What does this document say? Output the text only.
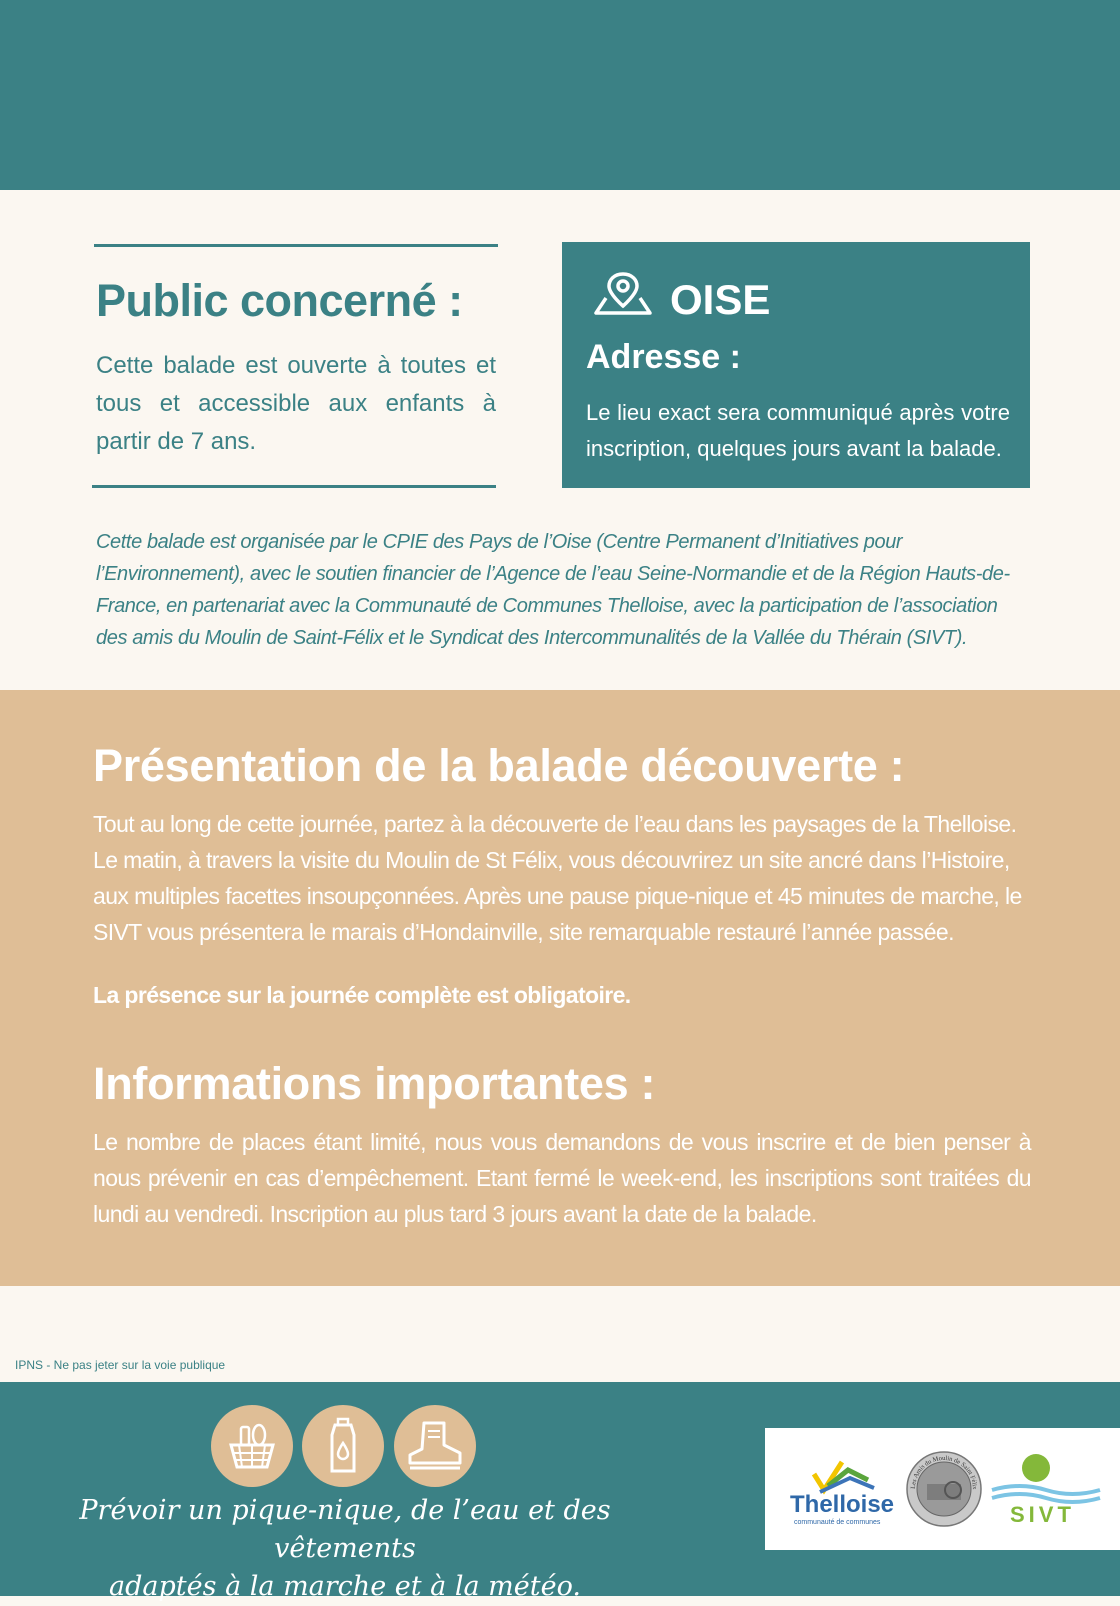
Public concerné :
Cette balade est ouverte à toutes et tous et accessible aux enfants à partir de 7 ans.
OISE
Adresse :
Le lieu exact sera communiqué après votre inscription, quelques jours avant la balade.
Cette balade est organisée par le CPIE des Pays de l’Oise (Centre Permanent d’Initiatives pour l’Environnement), avec le soutien financier de l’Agence de l’eau Seine-Normandie et de la Région Hauts-de-France, en partenariat avec la Communauté de Communes Thelloise, avec la participation de l’association des amis du Moulin de Saint-Félix et le Syndicat des Intercommunalités de la Vallée du Thérain (SIVT).
Présentation de la balade découverte :
Tout au long de cette journée, partez à la découverte de l’eau dans les paysages de la Thelloise. Le matin, à travers la visite du Moulin de St Félix, vous découvrirez un site ancré dans l’Histoire, aux multiples facettes insoupçonnées. Après une pause pique-nique et 45 minutes de marche, le SIVT vous présentera le marais d’Hondainville, site remarquable restauré l’année passée.
La présence sur la journée complète est obligatoire.
Informations importantes :
Le nombre de places étant limité, nous vous demandons de vous inscrire et de bien penser à nous prévenir en cas d’empêchement. Etant fermé le week-end, les inscriptions sont traitées du lundi au vendredi. Inscription au plus tard 3 jours avant la date de la balade.
IPNS - Ne pas jeter sur la voie publique
Prévoir un pique-nique, de l’eau et des vêtements
adaptés à la marche et à la météo.
Thelloise
communauté de communes
Les Amis du Moulin de Saint Félix
SIVT
